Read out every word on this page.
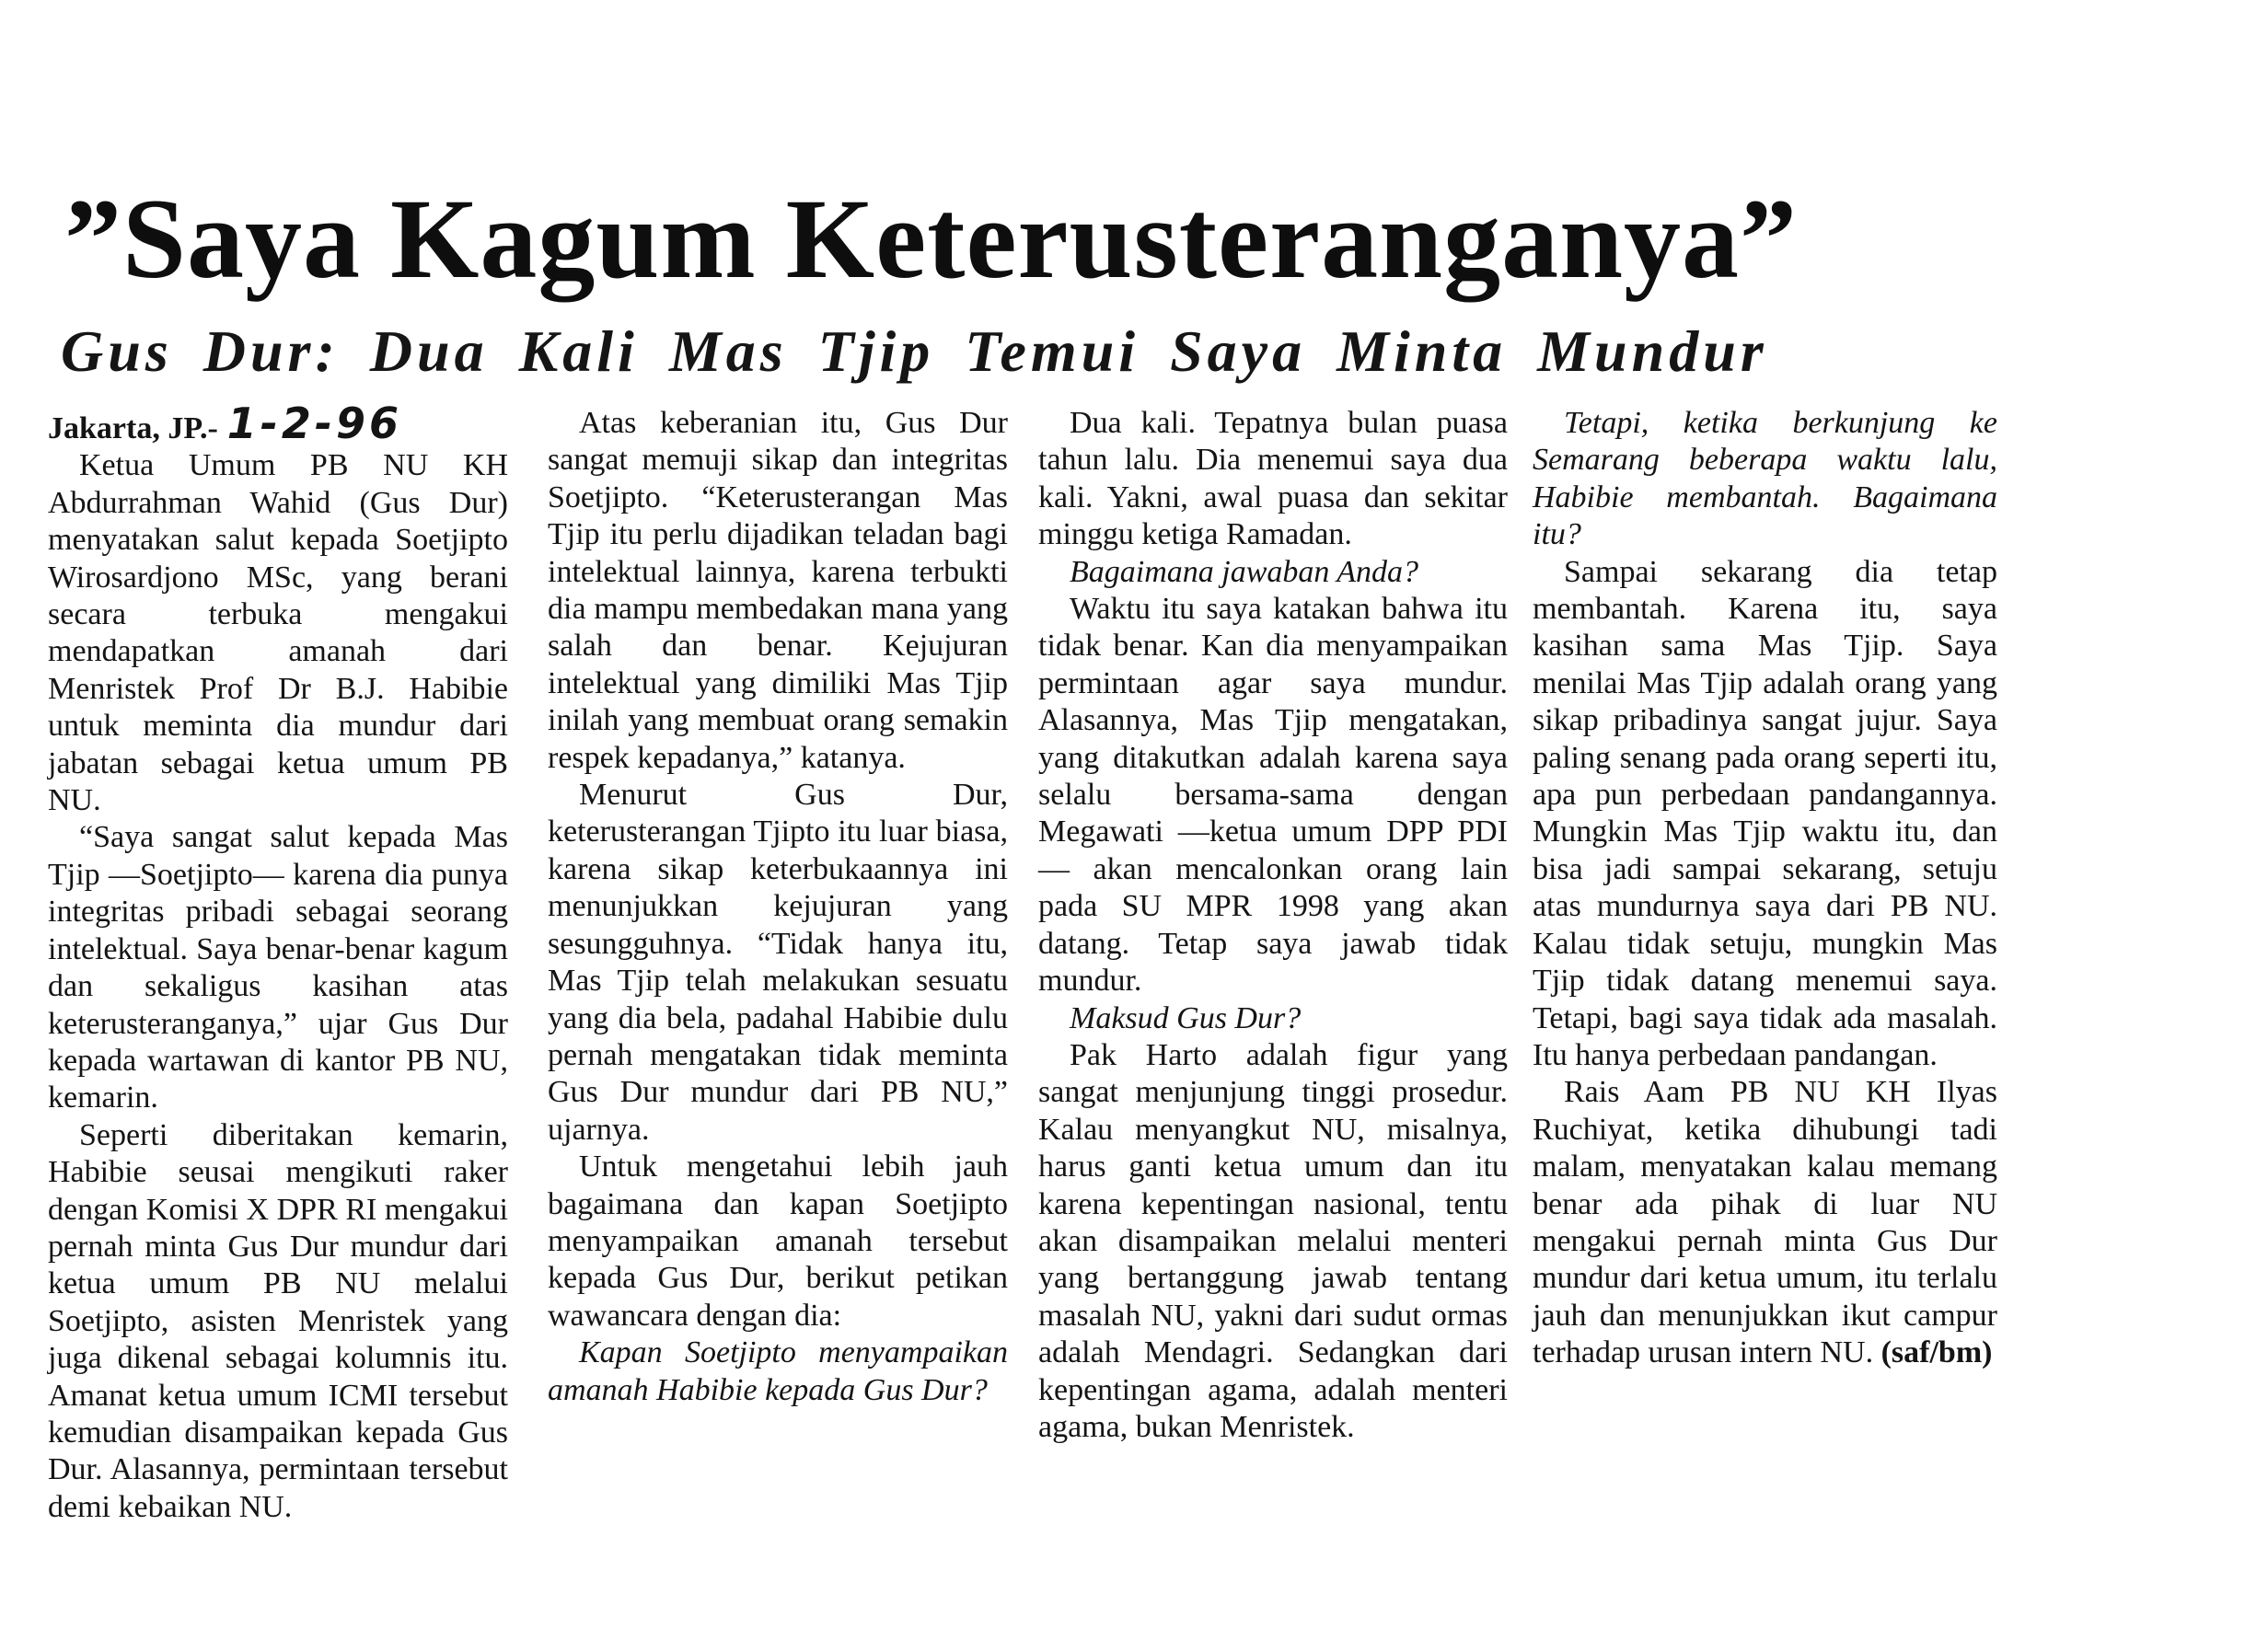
”Saya Kagum Keterusteranganya”
Gus Dur: Dua Kali Mas Tjip Temui Saya Minta Mundur

Jakarta, JP.- 1-2-96

Ketua Umum PB NU KH Abdurrahman Wahid (Gus Dur) menyatakan salut kepada Soetjipto Wirosardjono MSc, yang berani secara terbuka mengakui mendapatkan amanah dari Menristek Prof Dr B.J. Habibie untuk meminta dia mundur dari jabatan sebagai ketua umum PB NU.

“Saya sangat salut kepada Mas Tjip —Soetjipto— karena dia punya integritas pribadi sebagai seorang intelektual. Saya benar-benar kagum dan sekaligus kasihan atas keterusteranganya,” ujar Gus Dur kepada wartawan di kantor PB NU, kemarin.

Seperti diberitakan kemarin, Habibie seusai mengikuti raker dengan Komisi X DPR RI mengakui pernah minta Gus Dur mundur dari ketua umum PB NU melalui Soetjipto, asisten Menristek yang juga dikenal sebagai kolumnis itu. Amanat ketua umum ICMI tersebut kemudian disampaikan kepada Gus Dur. Alasannya, permintaan tersebut demi kebaikan NU.

Atas keberanian itu, Gus Dur sangat memuji sikap dan integritas Soetjipto. “Keterusterangan Mas Tjip itu perlu dijadikan teladan bagi intelektual lainnya, karena terbukti dia mampu membedakan mana yang salah dan benar. Kejujuran intelektual yang dimiliki Mas Tjip inilah yang membuat orang semakin respek kepadanya,” katanya.

Menurut Gus Dur, keterusterangan Tjipto itu luar biasa, karena sikap keterbukaannya ini menunjukkan kejujuran yang sesungguhnya. “Tidak hanya itu, Mas Tjip telah melakukan sesuatu yang dia bela, padahal Habibie dulu pernah mengatakan tidak meminta Gus Dur mundur dari PB NU,” ujarnya.

Untuk mengetahui lebih jauh bagaimana dan kapan Soetjipto menyampaikan amanah tersebut kepada Gus Dur, berikut petikan wawancara dengan dia:

Kapan Soetjipto menyampaikan amanah Habibie kepada Gus Dur?

Dua kali. Tepatnya bulan puasa tahun lalu. Dia menemui saya dua kali. Yakni, awal puasa dan sekitar minggu ketiga Ramadan.

Bagaimana jawaban Anda?

Waktu itu saya katakan bahwa itu tidak benar. Kan dia menyampaikan permintaan agar saya mundur. Alasannya, Mas Tjip mengatakan, yang ditakutkan adalah karena saya selalu bersama-sama dengan Megawati —ketua umum DPP PDI— akan mencalonkan orang lain pada SU MPR 1998 yang akan datang. Tetap saya jawab tidak mundur.

Maksud Gus Dur?

Pak Harto adalah figur yang sangat menjunjung tinggi prosedur. Kalau menyangkut NU, misalnya, harus ganti ketua umum dan itu karena kepentingan nasional, tentu akan disampaikan melalui menteri yang bertanggung jawab tentang masalah NU, yakni dari sudut ormas adalah Mendagri. Sedangkan dari kepentingan agama, adalah menteri agama, bukan Menristek.

Tetapi, ketika berkunjung ke Semarang beberapa waktu lalu, Habibie membantah. Bagaimana itu?

Sampai sekarang dia tetap membantah. Karena itu, saya kasihan sama Mas Tjip. Saya menilai Mas Tjip adalah orang yang sikap pribadinya sangat jujur. Saya paling senang pada orang seperti itu, apa pun perbedaan pandangannya. Mungkin Mas Tjip waktu itu, dan bisa jadi sampai sekarang, setuju atas mundurnya saya dari PB NU. Kalau tidak setuju, mungkin Mas Tjip tidak datang menemui saya. Tetapi, bagi saya tidak ada masalah. Itu hanya perbedaan pandangan.

Rais Aam PB NU KH Ilyas Ruchiyat, ketika dihubungi tadi malam, menyatakan kalau memang benar ada pihak di luar NU mengakui pernah minta Gus Dur mundur dari ketua umum, itu terlalu jauh dan menunjukkan ikut campur terhadap urusan intern NU. (saf/bm)
